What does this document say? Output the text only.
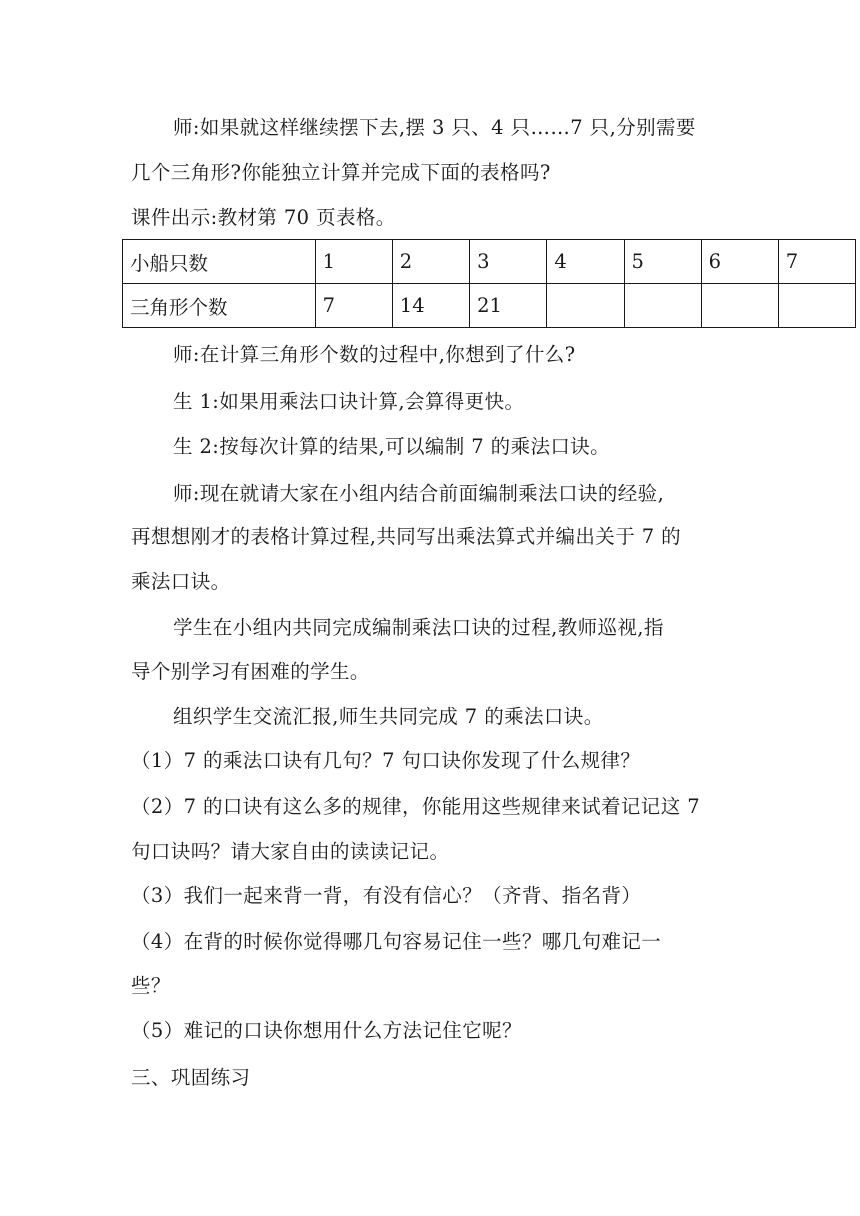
师:如果就这样继续摆下去,摆 3 只、4 只……7 只,分别需要
几个三角形?你能独立计算并完成下面的表格吗?
课件出示:教材第 70 页表格。
小船只数	1	2	3	4	5	6	7
三角形个数	7	14	21				
师:在计算三角形个数的过程中,你想到了什么?
生 1:如果用乘法口诀计算,会算得更快。
生 2:按每次计算的结果,可以编制 7 的乘法口诀。
师:现在就请大家在小组内结合前面编制乘法口诀的经验,
再想想刚才的表格计算过程,共同写出乘法算式并编出关于 7 的
乘法口诀。
学生在小组内共同完成编制乘法口诀的过程,教师巡视,指
导个别学习有困难的学生。
组织学生交流汇报,师生共同完成 7 的乘法口诀。
（1）7 的乘法口诀有几句？7 句口诀你发现了什么规律？
（2）7 的口诀有这么多的规律，你能用这些规律来试着记记这 7
句口诀吗？请大家自由的读读记记。
（3）我们一起来背一背，有没有信心？（齐背、指名背）
（4）在背的时候你觉得哪几句容易记住一些？哪几句难记一
些？
（5）难记的口诀你想用什么方法记住它呢？
三、巩固练习
